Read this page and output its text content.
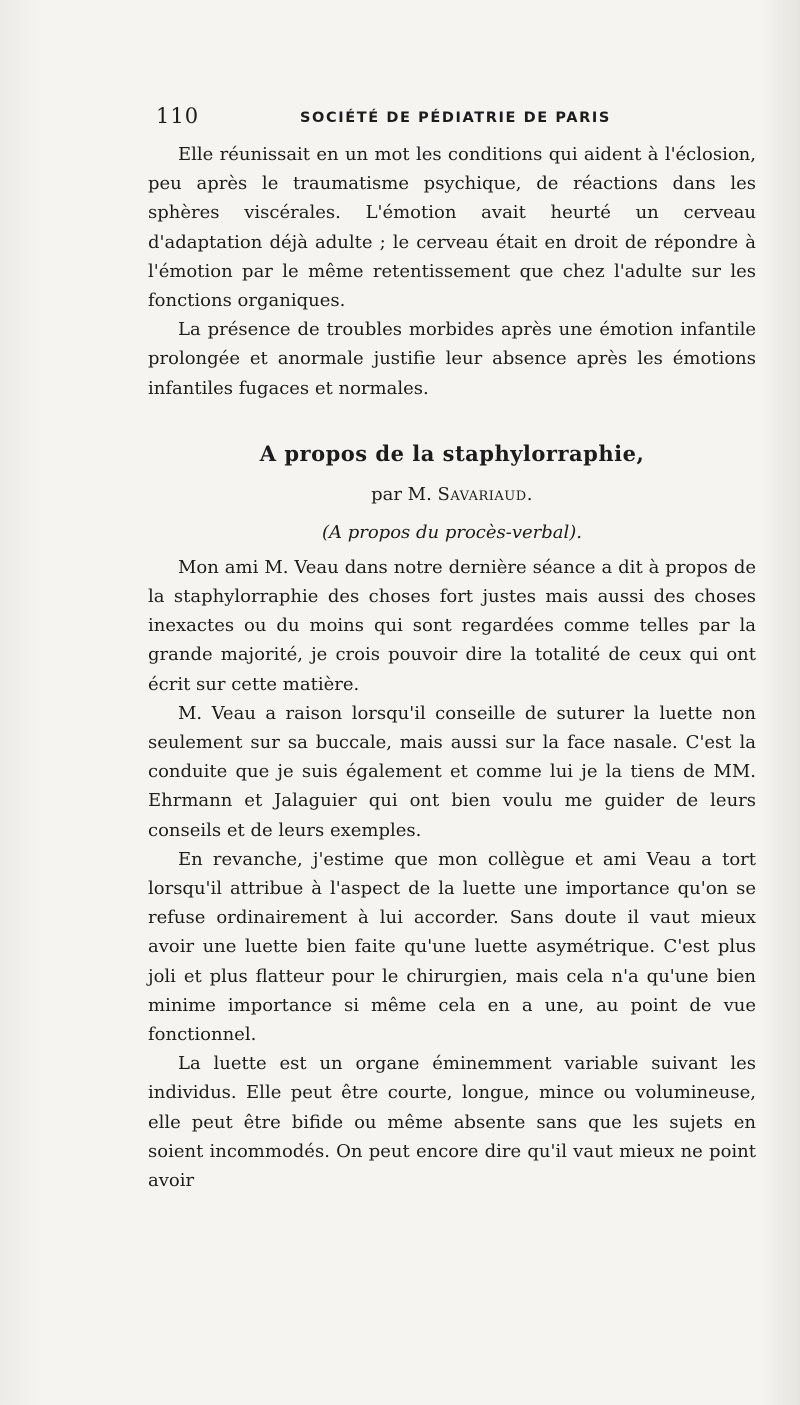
110	SOCIÉTÉ DE PÉDIATRIE DE PARIS

Elle réunissait en un mot les conditions qui aident à l'éclosion, peu après le traumatisme psychique, de réactions dans les sphères viscérales. L'émotion avait heurté un cerveau d'adaptation déjà adulte ; le cerveau était en droit de répondre à l'émotion par le même retentissement que chez l'adulte sur les fonctions organiques.

La présence de troubles morbides après une émotion infantile prolongée et anormale justifie leur absence après les émotions infantiles fugaces et normales.

A propos de la staphylorraphie,
par M. Savariaud.
(A propos du procès-verbal).

Mon ami M. Veau dans notre dernière séance a dit à propos de la staphylorraphie des choses fort justes mais aussi des choses inexactes ou du moins qui sont regardées comme telles par la grande majorité, je crois pouvoir dire la totalité de ceux qui ont écrit sur cette matière.

M. Veau a raison lorsqu'il conseille de suturer la luette non seulement sur sa buccale, mais aussi sur la face nasale. C'est la conduite que je suis également et comme lui je la tiens de MM. Ehrmann et Jalaguier qui ont bien voulu me guider de leurs conseils et de leurs exemples.

En revanche, j'estime que mon collègue et ami Veau a tort lorsqu'il attribue à l'aspect de la luette une importance qu'on se refuse ordinairement à lui accorder. Sans doute il vaut mieux avoir une luette bien faite qu'une luette asymétrique. C'est plus joli et plus flatteur pour le chirurgien, mais cela n'a qu'une bien minime importance si même cela en a une, au point de vue fonctionnel.

La luette est un organe éminemment variable suivant les individus. Elle peut être courte, longue, mince ou volumineuse, elle peut être bifide ou même absente sans que les sujets en soient incommodés. On peut encore dire qu'il vaut mieux ne point avoir
